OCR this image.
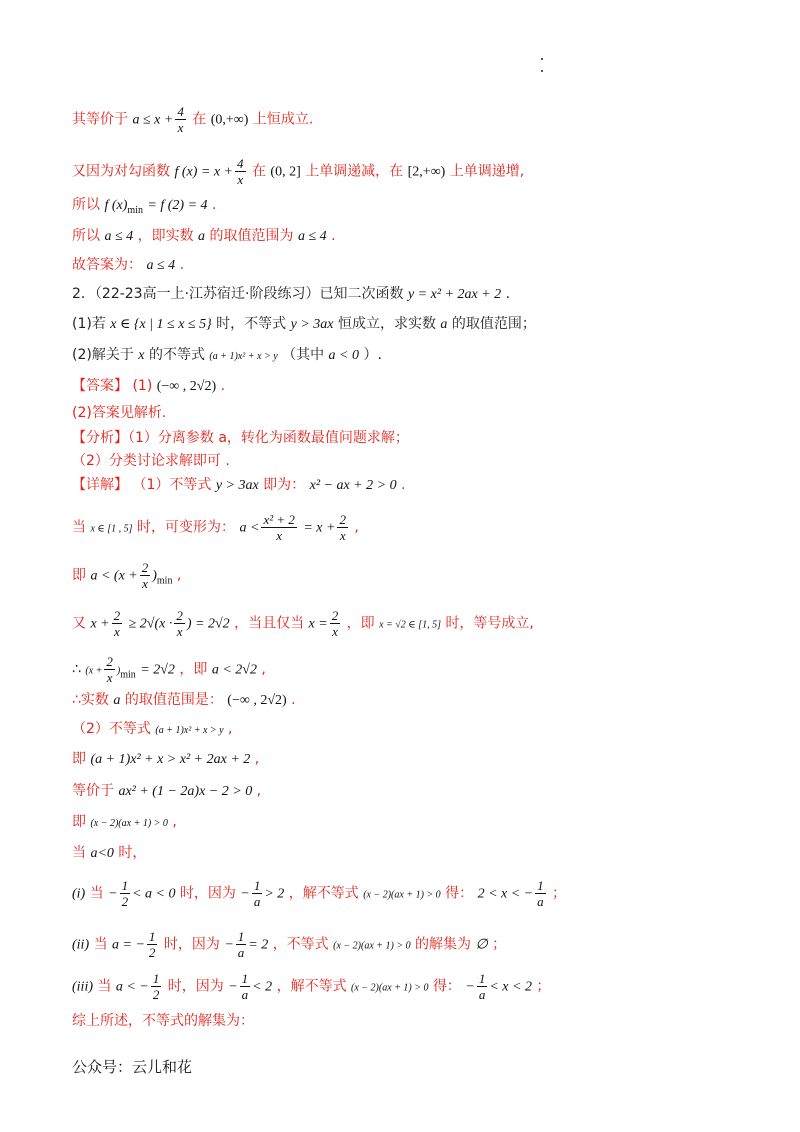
其等价于 $a \le x + \frac{4}{x}$ 在 (0,+∞) 上恒成立.
又因为对勾函数 f $(x) = x + \frac{4}{x}$ 在 (0, 2] 上单调递减，在 [2,+∞) 上单调递增,
所以 f $(x)_{min} = f$ (2) = 4 .
所以 a ≤ 4 ，即实数 a 的取值范围为 a ≤ 4 .
故答案为： a ≤ 4 .
2．（22-23高一上·江苏宿迁·阶段练习）已知二次函数 y = x² + 2ax + 2 .
(1)若 x ∈ {x | 1 ≤ x ≤ 5} 时，不等式 y > 3ax 恒成立，求实数 a 的取值范围；
(2)解关于 x 的不等式 (a + 1)x² + x > y （其中 a < 0 ）.
【答案】 (1) (−∞ , 2√2) .
(2)答案见解析.
【分析】（1）分离参数 a，转化为函数最值问题求解；
（2）分类讨论求解即可 .
【详解】 （1）不等式 y > 3ax 即为： x² − ax + 2 > 0 .
当 x ∈ [1 , 5] 时，可变形为： $a < \frac{\text{x² + 2}}{x} = x + \frac{2}{x}$ ,
即 $a < (x + \frac{2}{x} )_{min}$ ,
又 $x + \frac{2}{x} \ge 2√(x \cdot \frac{2}{x}$ ) = 2√2 ，当且仅当 $x = \frac{2}{x}$ ，即 x = √2 ∈ [1, 5] 时，等号成立,
∴ $(x + \frac{2}{x} )_{min} = 2√2$ ，即 a < 2√2 ,
∴实数 a 的取值范围是： (−∞ , 2√2) .
（2）不等式 (a + 1)x² + x > y ,
即 (a + 1)x² + x > x² + 2ax + 2 ,
等价于 ax² + (1 − 2a)x − 2 > 0 ,
即 (x − 2)(ax + 1) > 0 ,
当 a<0 时，
(i) 当 − $\frac{1}{2} < a < 0$ 时，因为 − $\frac{1}{a} > 2$ ，解不等式 (x − 2)(ax + 1) > 0 得： 2 < x < − $\frac{1}{a}$ ；
(ii) 当 a = − $\frac{1}{2}$ 时，因为 − $\frac{1}{a} = 2$ ，不等式 (x − 2)(ax + 1) > 0 的解集为 ∅ ；
(iii) 当 a < − $\frac{1}{2}$ 时，因为 − $\frac{1}{a} < 2$ ，解不等式 (x − 2)(ax + 1) > 0 得： − $\frac{1}{a} < x < 2$ ；
综上所述，不等式的解集为：
公众号：云儿和花
